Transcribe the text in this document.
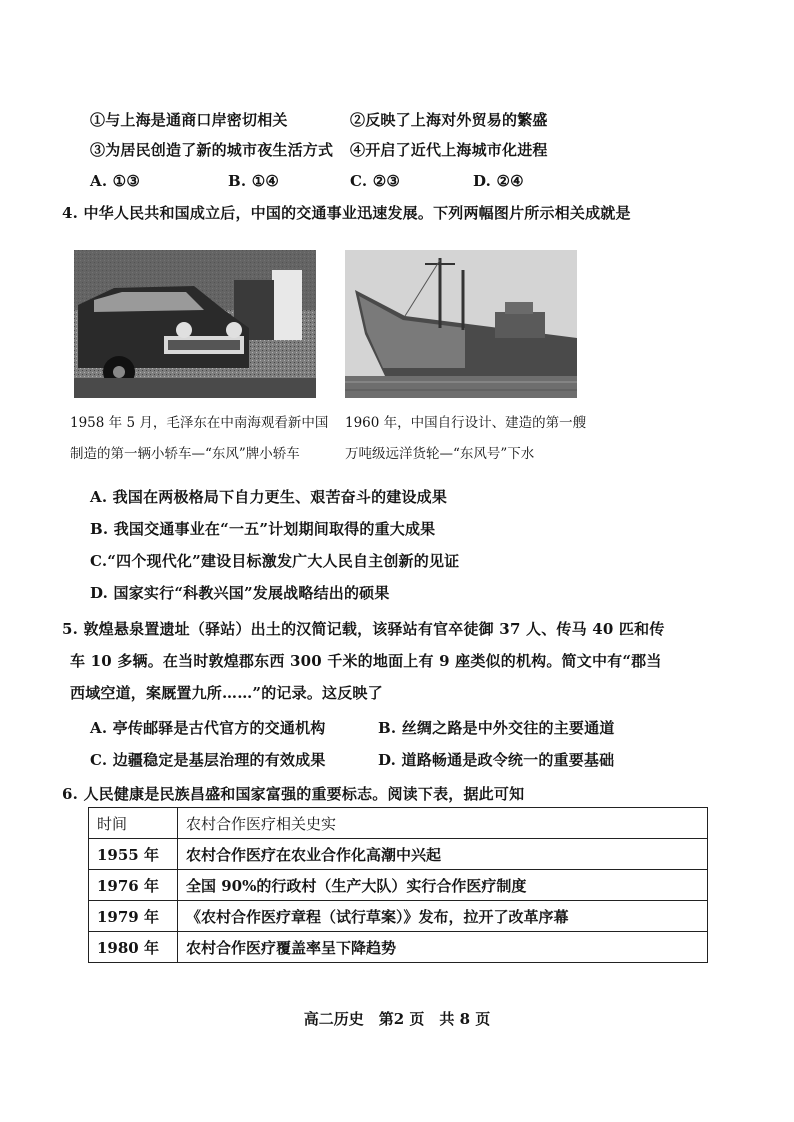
①与上海是通商口岸密切相关	②反映了上海对外贸易的繁盛
③为居民创造了新的城市夜生活方式 ④开启了近代上海城市化进程
A. ①③	B. ①④	C. ②③	D. ②④
4. 中华人民共和国成立后，中国的交通事业迅速发展。下列两幅图片所示相关成就是
1958 年 5 月，毛泽东在中南海观看新中国
制造的第一辆小轿车—“东风”牌小轿车
1960 年，中国自行设计、建造的第一艘
万吨级远洋货轮—“东风号”下水
A. 我国在两极格局下自力更生、艰苦奋斗的建设成果
B. 我国交通事业在“一五”计划期间取得的重大成果
C.“四个现代化”建设目标激发广大人民自主创新的见证
D. 国家实行“科教兴国”发展战略结出的硕果
5. 敦煌悬泉置遗址（驿站）出土的汉简记载，该驿站有官卒徒御 37 人、传马 40 匹和传
车 10 多辆。在当时敦煌郡东西 300 千米的地面上有 9 座类似的机构。简文中有“郡当
西域空道，案厩置九所……”的记录。这反映了
A. 亭传邮驿是古代官方的交通机构	B. 丝绸之路是中外交往的主要通道
C. 边疆稳定是基层治理的有效成果	D. 道路畅通是政令统一的重要基础
6. 人民健康是民族昌盛和国家富强的重要标志。阅读下表，据此可知
时间	农村合作医疗相关史实
1955 年	农村合作医疗在农业合作化高潮中兴起
1976 年	全国 90%的行政村（生产大队）实行合作医疗制度
1979 年	《农村合作医疗章程（试行草案）》发布，拉开了改革序幕
1980 年	农村合作医疗覆盖率呈下降趋势
高二历史　第2 页　共 8 页
